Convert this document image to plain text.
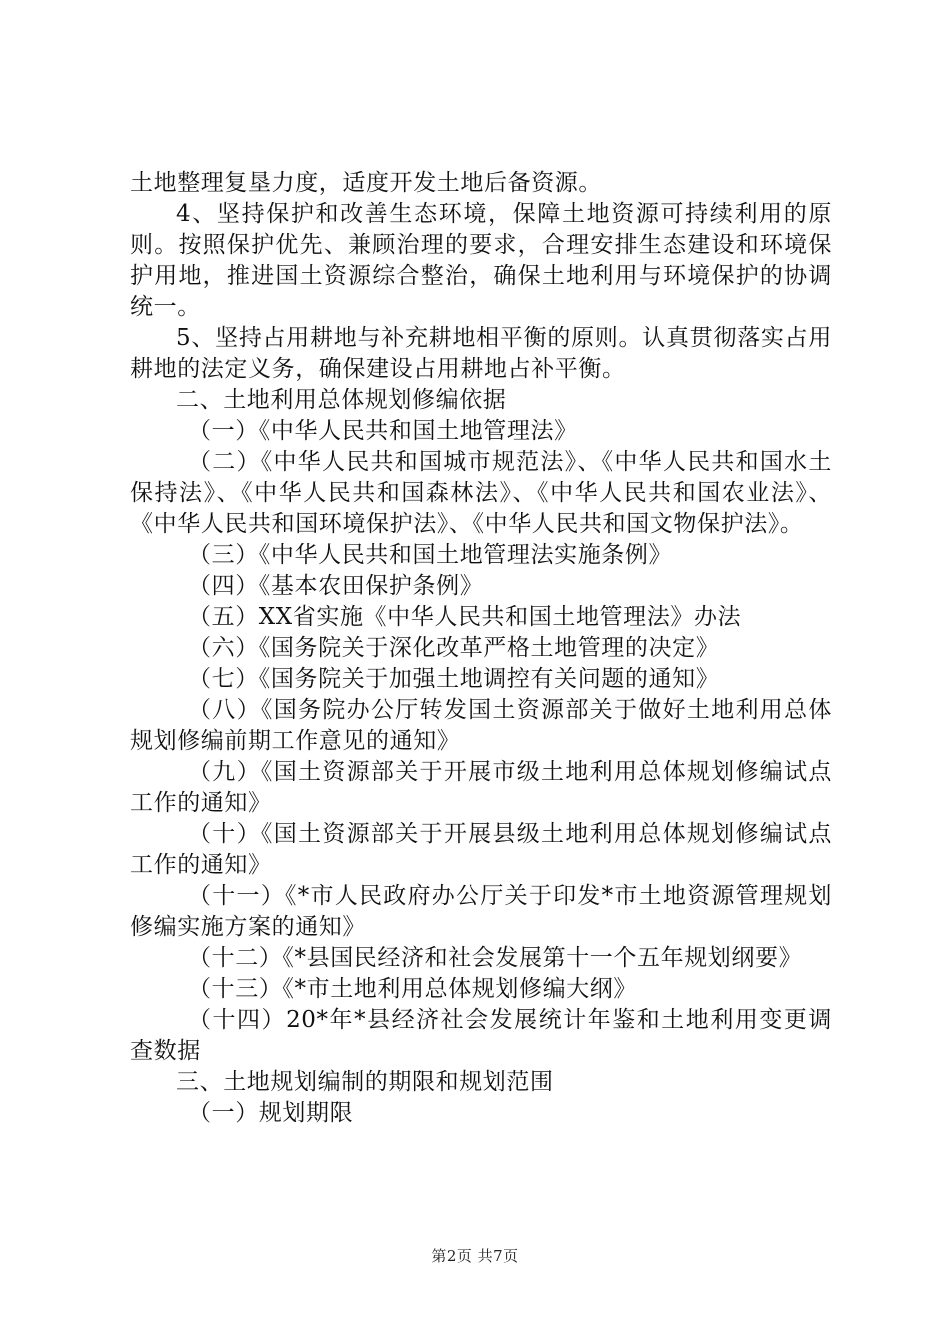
土地整理复垦力度，适度开发土地后备资源。

4、坚持保护和改善生态环境，保障土地资源可持续利用的原则。按照保护优先、兼顾治理的要求，合理安排生态建设和环境保护用地，推进国土资源综合整治，确保土地利用与环境保护的协调统一。

5、坚持占用耕地与补充耕地相平衡的原则。认真贯彻落实占用耕地的法定义务，确保建设占用耕地占补平衡。

二、土地利用总体规划修编依据

（一）《中华人民共和国土地管理法》

（二）《中华人民共和国城市规范法》、《中华人民共和国水土保持法》、《中华人民共和国森林法》、《中华人民共和国农业法》、《中华人民共和国环境保护法》、《中华人民共和国文物保护法》。

（三）《中华人民共和国土地管理法实施条例》

（四）《基本农田保护条例》

（五）XX省实施《中华人民共和国土地管理法》办法

（六）《国务院关于深化改革严格土地管理的决定》

（七）《国务院关于加强土地调控有关问题的通知》

（八）《国务院办公厅转发国土资源部关于做好土地利用总体规划修编前期工作意见的通知》

（九）《国土资源部关于开展市级土地利用总体规划修编试点工作的通知》

（十）《国土资源部关于开展县级土地利用总体规划修编试点工作的通知》

（十一）《*市人民政府办公厅关于印发*市土地资源管理规划修编实施方案的通知》

（十二）《*县国民经济和社会发展第十一个五年规划纲要》

（十三）《*市土地利用总体规划修编大纲》

（十四）20*年*县经济社会发展统计年鉴和土地利用变更调查数据

三、土地规划编制的期限和规划范围

（一）规划期限

第2页 共7页
